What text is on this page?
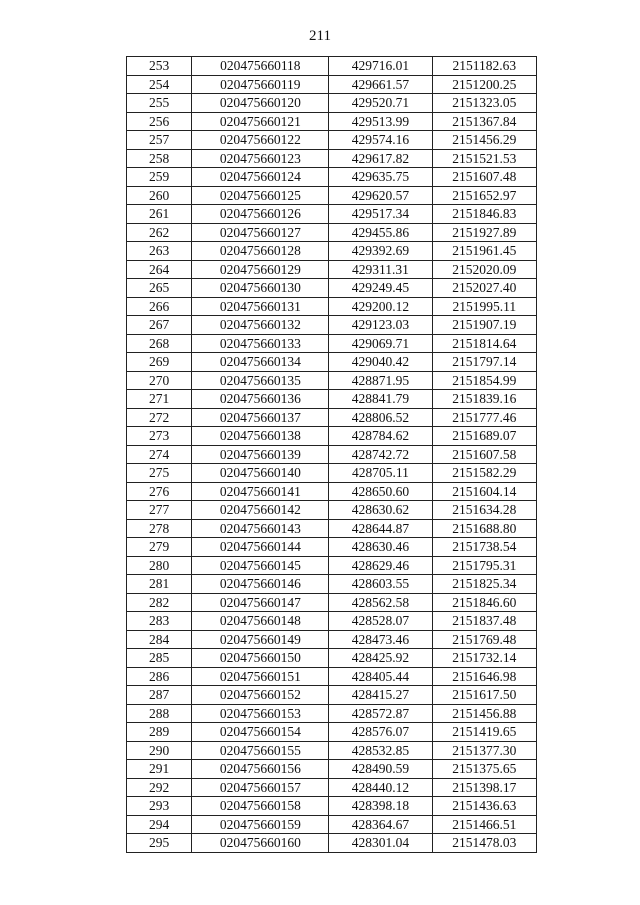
211
253	020475660118	429716.01	2151182.63
254	020475660119	429661.57	2151200.25
255	020475660120	429520.71	2151323.05
256	020475660121	429513.99	2151367.84
257	020475660122	429574.16	2151456.29
258	020475660123	429617.82	2151521.53
259	020475660124	429635.75	2151607.48
260	020475660125	429620.57	2151652.97
261	020475660126	429517.34	2151846.83
262	020475660127	429455.86	2151927.89
263	020475660128	429392.69	2151961.45
264	020475660129	429311.31	2152020.09
265	020475660130	429249.45	2152027.40
266	020475660131	429200.12	2151995.11
267	020475660132	429123.03	2151907.19
268	020475660133	429069.71	2151814.64
269	020475660134	429040.42	2151797.14
270	020475660135	428871.95	2151854.99
271	020475660136	428841.79	2151839.16
272	020475660137	428806.52	2151777.46
273	020475660138	428784.62	2151689.07
274	020475660139	428742.72	2151607.58
275	020475660140	428705.11	2151582.29
276	020475660141	428650.60	2151604.14
277	020475660142	428630.62	2151634.28
278	020475660143	428644.87	2151688.80
279	020475660144	428630.46	2151738.54
280	020475660145	428629.46	2151795.31
281	020475660146	428603.55	2151825.34
282	020475660147	428562.58	2151846.60
283	020475660148	428528.07	2151837.48
284	020475660149	428473.46	2151769.48
285	020475660150	428425.92	2151732.14
286	020475660151	428405.44	2151646.98
287	020475660152	428415.27	2151617.50
288	020475660153	428572.87	2151456.88
289	020475660154	428576.07	2151419.65
290	020475660155	428532.85	2151377.30
291	020475660156	428490.59	2151375.65
292	020475660157	428440.12	2151398.17
293	020475660158	428398.18	2151436.63
294	020475660159	428364.67	2151466.51
295	020475660160	428301.04	2151478.03
